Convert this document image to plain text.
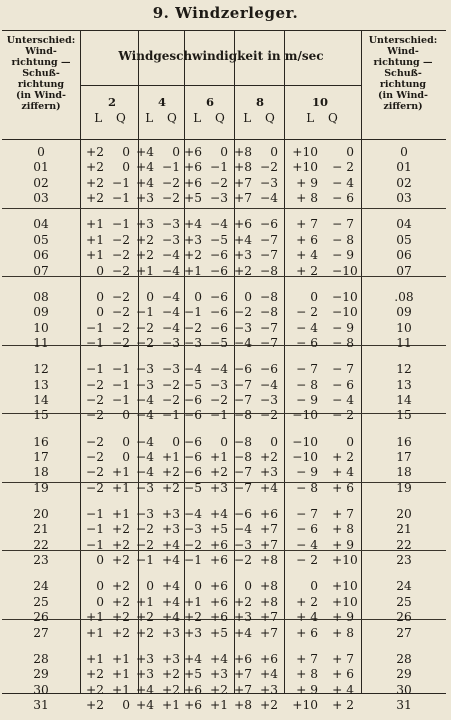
9. Windzerleger.
Unterschied:
Wind-
richtung —
Schuß-
richtung
(in Wind-
ziffern)
Unterschied:
Wind-
richtung —
Schuß-
richtung
(in Wind-
ziffern)
Windgeschwindigkeit in m/sec
2	4	6	8	10
L Q	L Q	L Q	L Q	L Q
0	+2	0 +4	0 +6	0 +8	0 +10	0	0
01	+2	0 +4 −1 +6 −1 +8 −2 +10 − 2	01
02	+2 −1 +4 −2 +6 −2 +7 −3	+ 9 − 4	02
03	+2 −1 +3 −2 +5 −3 +7 −4	+ 8 − 6	03
04	+1 −1 +3 −3 +4 −4 +6 −6	+ 7 − 7	04
05	+1 −2 +2 −3 +3 −5 +4 −7	+ 6 − 8	05
06	+1 −2 +2 −4 +2 −6 +3 −7	+ 4 − 9	06
07	0 −2 +1 −4 +1 −6 +2 −8	+ 2 −10	07
08	0 −2	0 −4	0 −6	0 −8	0 −10	.08
09	0 −2 −1 −4 −1 −6 −2 −8	− 2 −10	09
10	−1 −2 −2 −4 −2 −6 −3 −7	− 4 − 9	10
11	−1 −2 −2 −3 −3 −5 −4 −7	− 6 − 8	11
12	−1 −1 −3 −3 −4 −4 −6 −6	− 7 − 7	12
13	−2 −1 −3 −2 −5 −3 −7 −4	− 8 − 6	13
14	−2 −1 −4 −2 −6 −2 −7 −3	− 9 − 4	14
15	−2	0 −4 −1 −6 −1 −8 −2 −10 − 2	15
16	−2	0 −4	0 −6	0 −8	0 −10	0	16
17	−2	0 −4 +1 −6 +1 −8 +2 −10 + 2	17
18	−2 +1 −4 +2 −6 +2 −7 +3	− 9 + 4	18
19	−2 +1 −3 +2 −5 +3 −7 +4	− 8 + 6	19
20	−1 +1 −3 +3 −4 +4 −6 +6	− 7 + 7	20
21	−1 +2 −2 +3 −3 +5 −4 +7	− 6 + 8	21
22	−1 +2 −2 +4 −2 +6 −3 +7	− 4 + 9	22
23	0 +2 −1 +4 −1 +6 −2 +8	− 2 +10	23
24	0 +2	0 +4	0 +6	0 +8	0 +10	24
25	0 +2 +1 +4 +1 +6 +2 +8	+ 2 +10	25
26	+1 +2 +2 +4 +2 +6 +3 +7	+ 4 + 9	26
27	+1 +2 +2 +3 +3 +5 +4 +7	+ 6 + 8	27
28	+1 +1 +3 +3 +4 +4 +6 +6	+ 7 + 7	28
29	+2 +1 +3 +2 +5 +3 +7 +4	+ 8 + 6	29
30	+2 +1 +4 +2 +6 +2 +7 +3	+ 9 + 4	30
31	+2	0 +4 +1 +6 +1 +8 +2 +10 + 2	31
